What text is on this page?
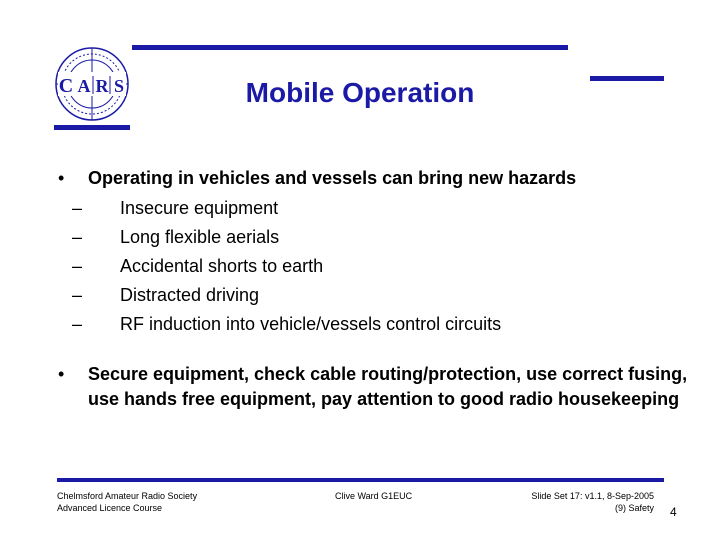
C A R S	Mobile Operation
• Operating in vehicles and vessels can bring new hazards
– Insecure equipment
– Long flexible aerials
– Accidental shorts to earth
– Distracted driving
– RF induction into vehicle/vessels control circuits
• Secure equipment, check cable routing/protection, use correct fusing, use hands free equipment, pay attention to good radio housekeeping
Chelmsford Amateur Radio Society
Advanced Licence Course
Clive Ward G1EUC	Slide Set 17: v1.1, 8-Sep-2005
(9) Safety 4
